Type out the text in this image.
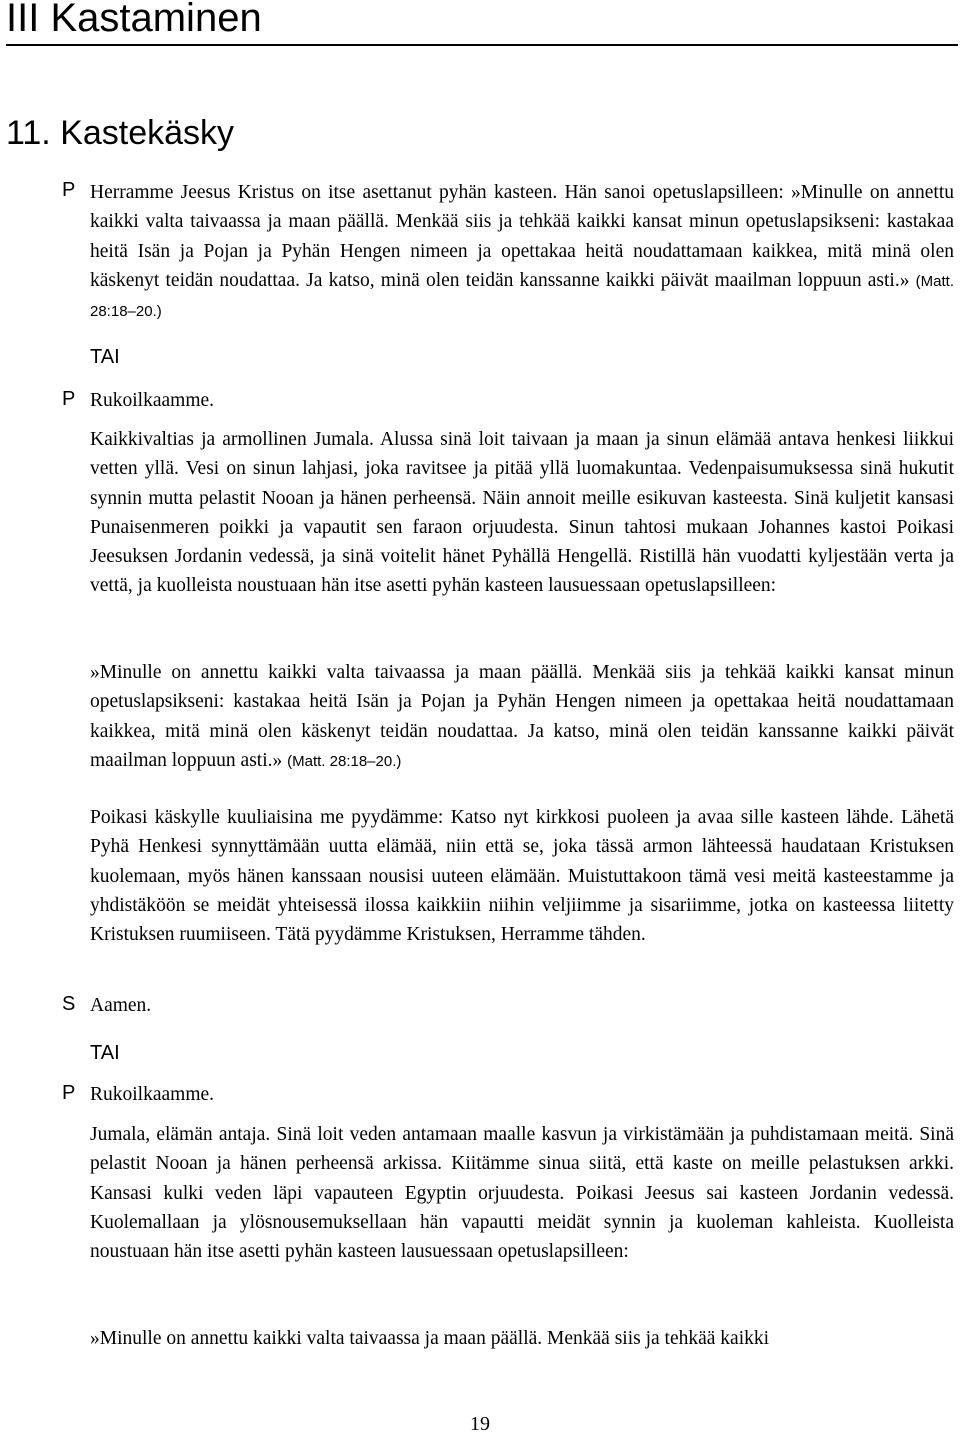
III Kastaminen
11. Kastekäsky
P Herramme Jeesus Kristus on itse asettanut pyhän kasteen. Hän sanoi opetuslapsilleen: »Minulle on annettu kaikki valta taivaassa ja maan päällä. Menkää siis ja tehkää kaikki kansat minun opetuslapsikseni: kastakaa heitä Isän ja Pojan ja Pyhän Hengen nimeen ja opettakaa heitä noudattamaan kaikkea, mitä minä olen käskenyt teidän noudattaa. Ja katso, minä olen teidän kanssanne kaikki päivät maailman loppuun asti.» (Matt. 28:18–20.)

TAI
P Rukoilkaamme.

Kaikkivaltias ja armollinen Jumala. Alussa sinä loit taivaan ja maan ja sinun elämää antava henkesi liikkui vetten yllä. Vesi on sinun lahjasi, joka ravitsee ja pitää yllä luomakuntaa. Vedenpaisumuksessa sinä hukutit synnin mutta pelastit Nooan ja hänen perheensä. Näin annoit meille esikuvan kasteesta. Sinä kuljetit kansasi Punaisenmeren poikki ja vapautit sen faraon orjuudesta. Sinun tahtosi mukaan Johannes kastoi Poikasi Jeesuksen Jordanin vedessä, ja sinä voitelit hänet Pyhällä Hengellä. Ristillä hän vuodatti kyljestään verta ja vettä, ja kuolleista noustuaan hän itse asetti pyhän kasteen lausuessaan opetuslapsilleen:

»Minulle on annettu kaikki valta taivaassa ja maan päällä. Menkää siis ja tehkää kaikki kansat minun opetuslapsikseni: kastakaa heitä Isän ja Pojan ja Pyhän Hengen nimeen ja opettakaa heitä noudattamaan kaikkea, mitä minä olen käskenyt teidän noudattaa. Ja katso, minä olen teidän kanssanne kaikki päivät maailman loppuun asti.» (Matt. 28:18–20.)

Poikasi käskylle kuuliaisina me pyydämme: Katso nyt kirkkosi puoleen ja avaa sille kasteen lähde. Lähetä Pyhä Henkesi synnyttämään uutta elämää, niin että se, joka tässä armon lähteessä haudataan Kristuksen kuolemaan, myös hänen kanssaan nousisi uuteen elämään. Muistuttakoon tämä vesi meitä kasteestamme ja yhdistäköön se meidät yhteisessä ilossa kaikkiin niihin veljiimme ja sisariimme, jotka on kasteessa liitetty Kristuksen ruumiiseen. Tätä pyydämme Kristuksen, Herramme tähden.

S Aamen.

TAI
P Rukoilkaamme.

Jumala, elämän antaja. Sinä loit veden antamaan maalle kasvun ja virkistämään ja puhdistamaan meitä. Sinä pelastit Nooan ja hänen perheensä arkissa. Kiitämme sinua siitä, että kaste on meille pelastuksen arkki. Kansasi kulki veden läpi vapauteen Egyptin orjuudesta. Poikasi Jeesus sai kasteen Jordanin vedessä. Kuolemallaan ja ylösnousemuksellaan hän vapautti meidät synnin ja kuoleman kahleista. Kuolleista noustuaan hän itse asetti pyhän kasteen lausuessaan opetuslapsilleen:

»Minulle on annettu kaikki valta taivaassa ja maan päällä. Menkää siis ja tehkää kaikki

19
